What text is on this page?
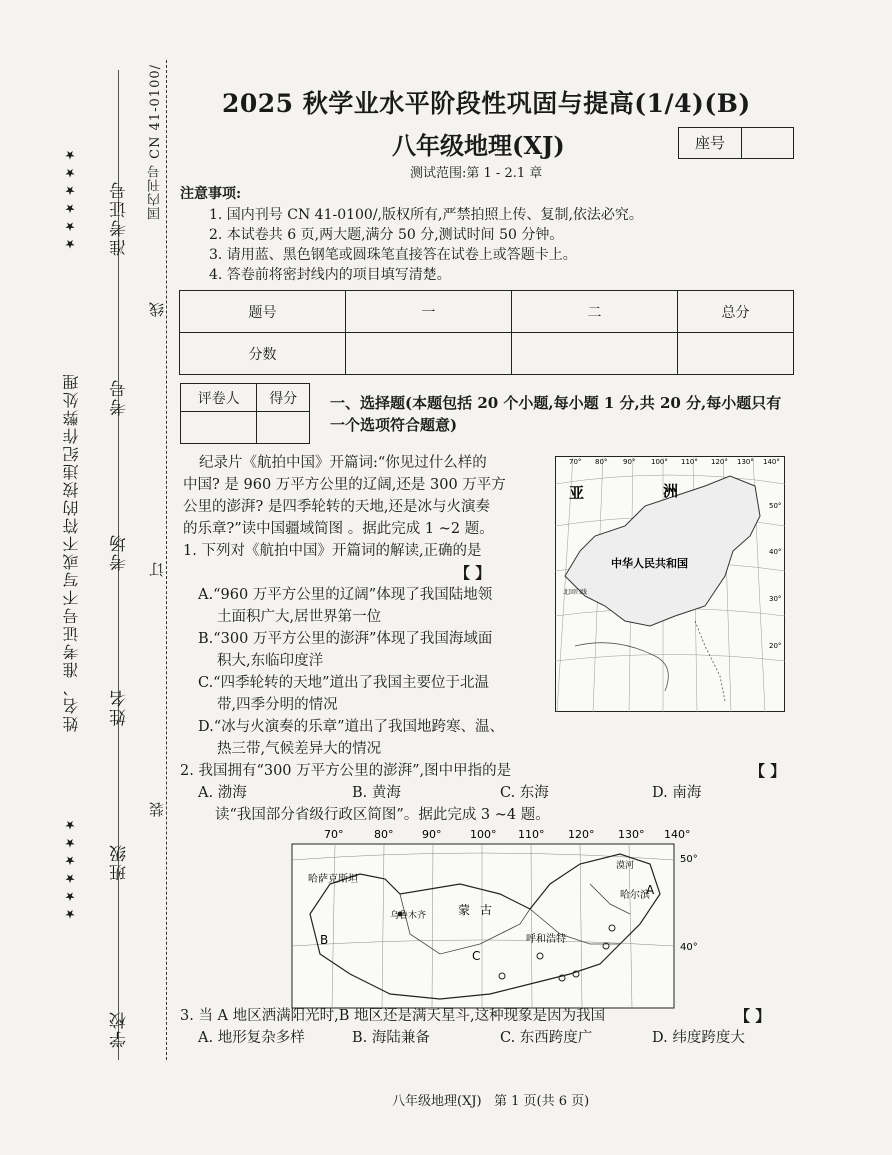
★ ★ ★ ★ ★ ★
姓名、准考证号不写或不符的按违纪作弊处理
★ ★ ★ ★ ★ ★
准考证号
考号
考场
姓名
班级
学校
线
订
装
国内刊号 CN 41-0100/ 2025 秋学业水平阶段性巩固与提高(1/4)(B)
八年级地理(XJ)	座号
测试范围:第 1 - 2.1 章
注意事项:
1. 国内刊号 CN 41-0100/,版权所有,严禁拍照上传、复制,依法必究。
2. 本试卷共 6 页,两大题,满分 50 分,测试时间 50 分钟。
3. 请用蓝、黑色钢笔或圆珠笔直接答在试卷上或答题卡上。
4. 答卷前将密封线内的项目填写清楚。
题号	一	二	总分
分数			
评卷人	得分
	一、选择题(本题包括 20 个小题,每小题 1 分,共 20 分,每小题只有一个选项符合题意)
纪录片《航拍中国》开篇词:“你见过什么样的
中国? 是 960 万平方公里的辽阔,还是 300 万平方
公里的澎湃? 是四季轮转的天地,还是冰与火演奏
的乐章?”读中国疆域简图 。据此完成 1 ~2 题。
1. 下列对《航拍中国》开篇词的解读,正确的是
【 】
A.“960 万平方公里的辽阔”体现了我国陆地领
土面积广大,居世界第一位
B.“300 万平方公里的澎湃”体现了我国海域面
积大,东临印度洋
C.“四季轮转的天地”道出了我国主要位于北温
带,四季分明的情况
D.“冰与火演奏的乐章”道出了我国地跨寒、温、
热三带,气候差异大的情况
70° 80° 90° 100° 110° 120° 130° 140°
50°
40°
30°
20°
亚	洲
中华人民共和国
北回归线
2. 我国拥有“300 万平方公里的澎湃”,图中甲指的是	【 】
A. 渤海	B. 黄海	C. 东海	D. 南海
读“我国部分省级行政区简图”。据此完成 3 ~4 题。
70°	80°	90°	100° 110° 120° 130° 140°
50°
40°
哈萨克斯坦
乌鲁木齐	蒙 古
哈尔滨
呼和浩特
漠河
A
B
C
3. 当 A 地区洒满阳光时,B 地区还是满天星斗,这种现象是因为我国	【 】
A. 地形复杂多样	B. 海陆兼备	C. 东西跨度广	D. 纬度跨度大
八年级地理(XJ)   第 1 页(共 6 页)
